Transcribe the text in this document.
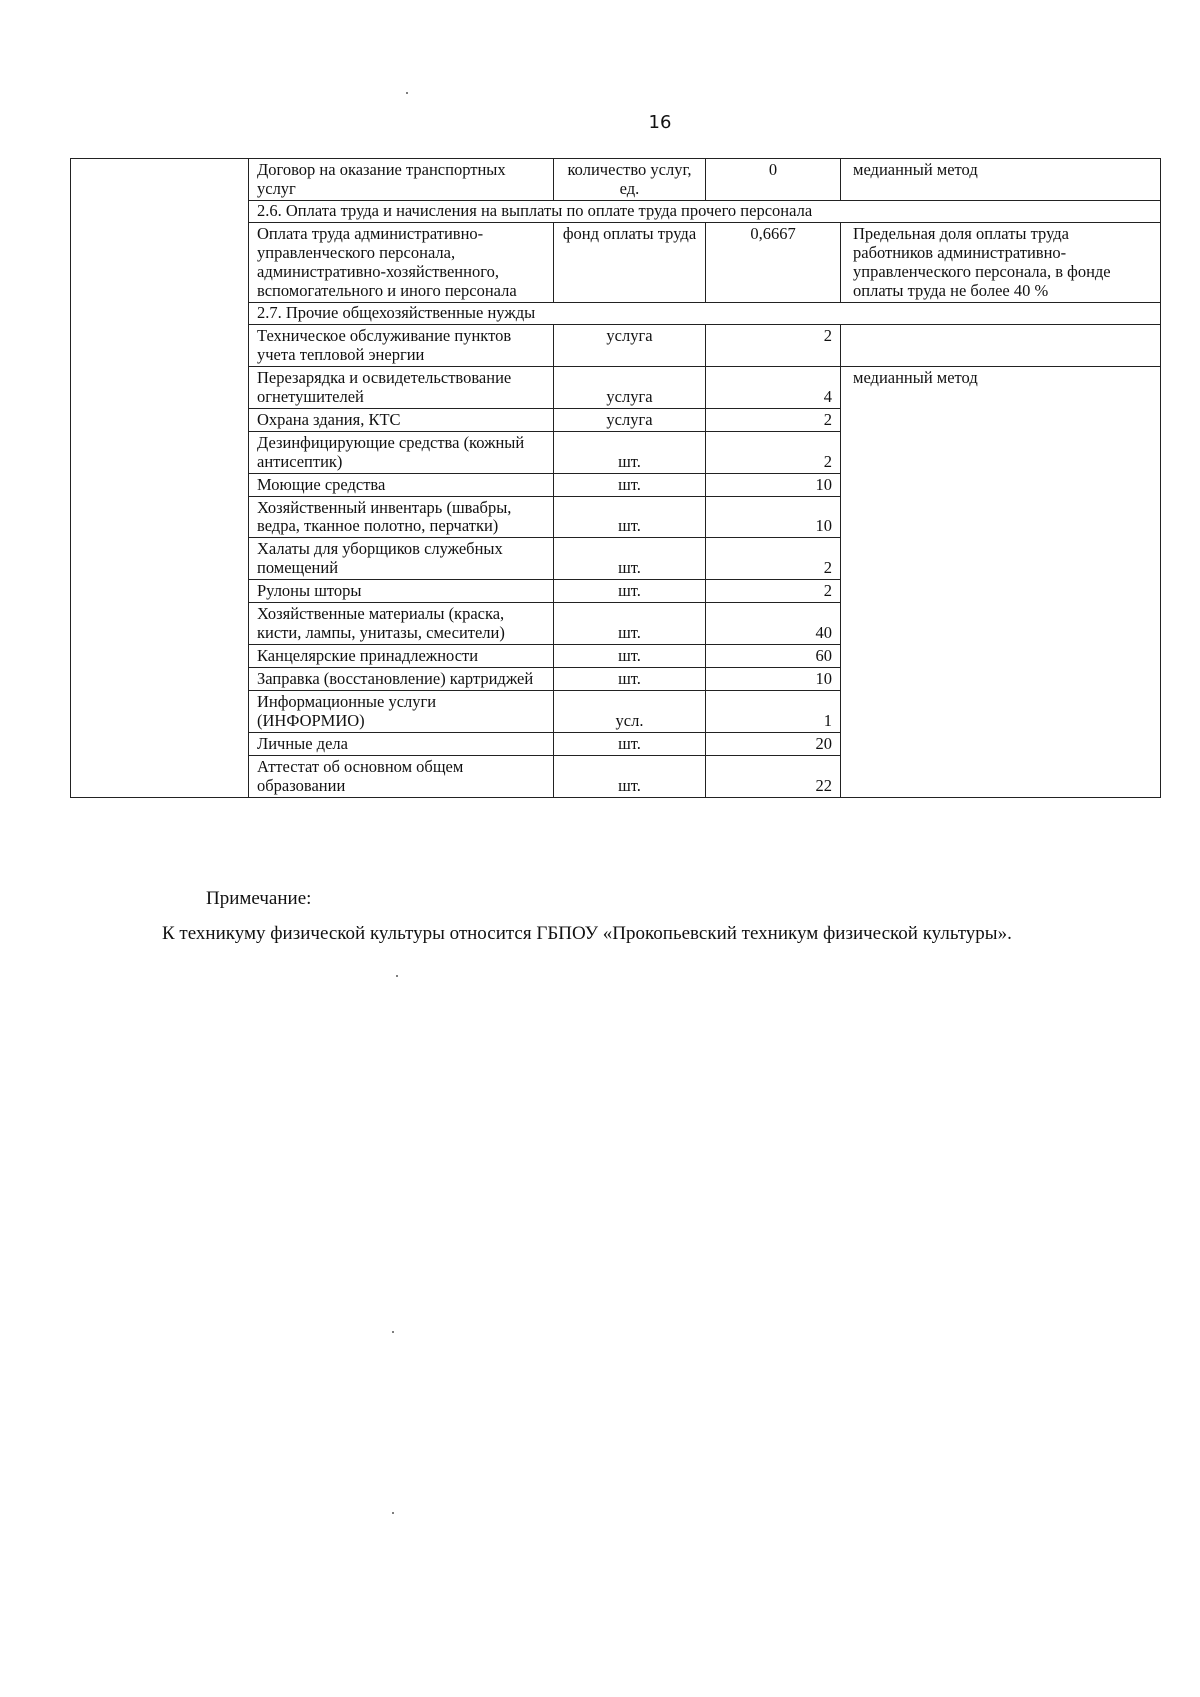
16
	Договор на оказание транспортных услуг	количество услуг, ед.	0	медианный метод
	2.6. Оплата труда и начисления на выплаты по оплате труда прочего персонала			
	Оплата труда административно-управленческого персонала, административно-хозяйственного, вспомогательного и иного персонала	фонд оплаты труда	0,6667	Предельная доля оплаты труда работников административно-управленческого персонала, в фонде оплаты труда не более 40 %
	2.7. Прочие общехозяйственные нужды			
	Техническое обслуживание пунктов учета тепловой энергии	услуга	2	
	Перезарядка и освидетельствование огнетушителей	услуга	4	медианный метод
	Охрана здания, КТС	услуга	2	
	Дезинфицирующие средства (кожный антисептик)	шт.	2	
	Моющие средства	шт.	10	
	Хозяйственный инвентарь (швабры, ведра, тканное полотно, перчатки)	шт.	10	
	Халаты для уборщиков служебных помещений	шт.	2	
	Рулоны шторы	шт.	2	
	Хозяйственные материалы (краска, кисти, лампы, унитазы, смесители)	шт.	40	
	Канцелярские принадлежности	шт.	60	
	Заправка (восстановление) картриджей	шт.	10	
	Информационные услуги (ИНФОРМИО)	усл.	1	
	Личные дела	шт.	20	
	Аттестат об основном общем образовании	шт.	22	
Примечание:
К техникуму физической культуры относится ГБПОУ «Прокопьевский техникум физической культуры».
